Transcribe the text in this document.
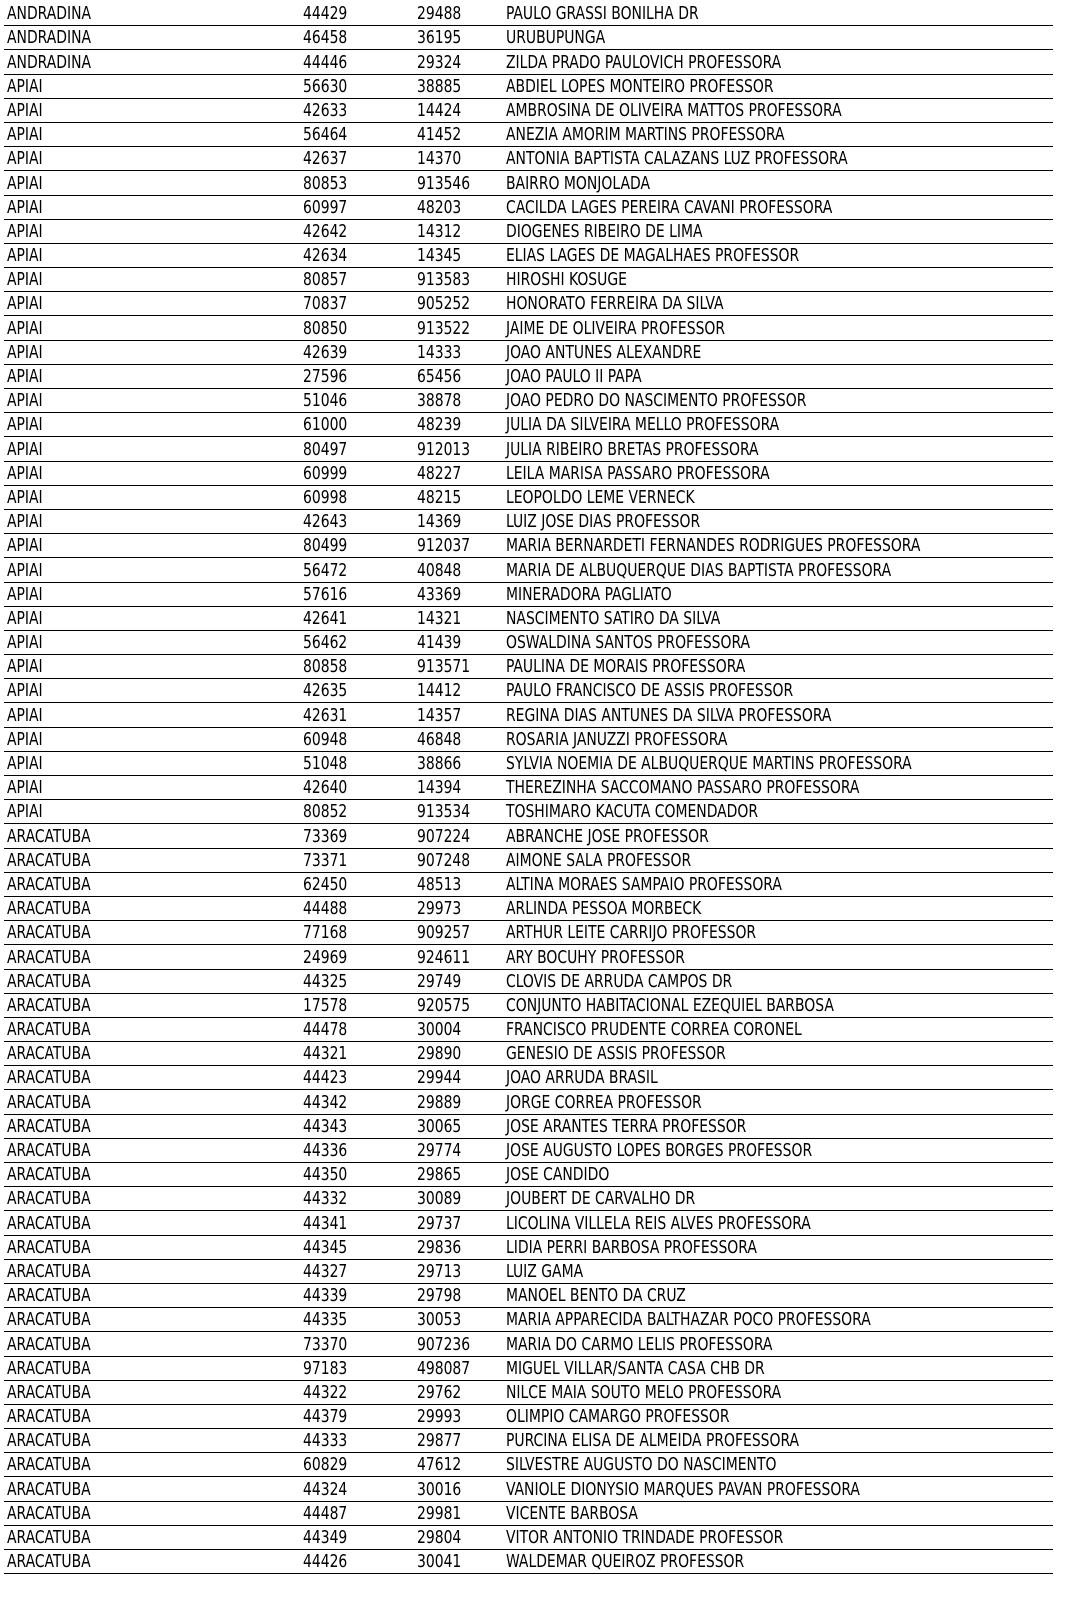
ANDRADINA	44429	29488	PAULO GRASSI BONILHA DR
ANDRADINA	46458	36195	URUBUPUNGA
ANDRADINA	44446	29324	ZILDA PRADO PAULOVICH PROFESSORA
APIAI	56630	38885	ABDIEL LOPES MONTEIRO PROFESSOR
APIAI	42633	14424	AMBROSINA DE OLIVEIRA MATTOS PROFESSORA
APIAI	56464	41452	ANEZIA AMORIM MARTINS PROFESSORA
APIAI	42637	14370	ANTONIA BAPTISTA CALAZANS LUZ PROFESSORA
APIAI	80853	913546	BAIRRO MONJOLADA
APIAI	60997	48203	CACILDA LAGES PEREIRA CAVANI PROFESSORA
APIAI	42642	14312	DIOGENES RIBEIRO DE LIMA
APIAI	42634	14345	ELIAS LAGES DE MAGALHAES PROFESSOR
APIAI	80857	913583	HIROSHI KOSUGE
APIAI	70837	905252	HONORATO FERREIRA DA SILVA
APIAI	80850	913522	JAIME DE OLIVEIRA PROFESSOR
APIAI	42639	14333	JOAO ANTUNES ALEXANDRE
APIAI	27596	65456	JOAO PAULO II PAPA
APIAI	51046	38878	JOAO PEDRO DO NASCIMENTO PROFESSOR
APIAI	61000	48239	JULIA DA SILVEIRA MELLO PROFESSORA
APIAI	80497	912013	JULIA RIBEIRO BRETAS PROFESSORA
APIAI	60999	48227	LEILA MARISA PASSARO PROFESSORA
APIAI	60998	48215	LEOPOLDO LEME VERNECK
APIAI	42643	14369	LUIZ JOSE DIAS PROFESSOR
APIAI	80499	912037	MARIA BERNARDETI FERNANDES RODRIGUES PROFESSORA
APIAI	56472	40848	MARIA DE ALBUQUERQUE DIAS BAPTISTA PROFESSORA
APIAI	57616	43369	MINERADORA PAGLIATO
APIAI	42641	14321	NASCIMENTO SATIRO DA SILVA
APIAI	56462	41439	OSWALDINA SANTOS PROFESSORA
APIAI	80858	913571	PAULINA DE MORAIS PROFESSORA
APIAI	42635	14412	PAULO FRANCISCO DE ASSIS PROFESSOR
APIAI	42631	14357	REGINA DIAS ANTUNES DA SILVA PROFESSORA
APIAI	60948	46848	ROSARIA JANUZZI PROFESSORA
APIAI	51048	38866	SYLVIA NOEMIA DE ALBUQUERQUE MARTINS PROFESSORA
APIAI	42640	14394	THEREZINHA SACCOMANO PASSARO PROFESSORA
APIAI	80852	913534	TOSHIMARO KACUTA COMENDADOR
ARACATUBA	73369	907224	ABRANCHE JOSE PROFESSOR
ARACATUBA	73371	907248	AIMONE SALA PROFESSOR
ARACATUBA	62450	48513	ALTINA MORAES SAMPAIO PROFESSORA
ARACATUBA	44488	29973	ARLINDA PESSOA MORBECK
ARACATUBA	77168	909257	ARTHUR LEITE CARRIJO PROFESSOR
ARACATUBA	24969	924611	ARY BOCUHY PROFESSOR
ARACATUBA	44325	29749	CLOVIS DE ARRUDA CAMPOS DR
ARACATUBA	17578	920575	CONJUNTO HABITACIONAL EZEQUIEL BARBOSA
ARACATUBA	44478	30004	FRANCISCO PRUDENTE CORREA CORONEL
ARACATUBA	44321	29890	GENESIO DE ASSIS PROFESSOR
ARACATUBA	44423	29944	JOAO ARRUDA BRASIL
ARACATUBA	44342	29889	JORGE CORREA PROFESSOR
ARACATUBA	44343	30065	JOSE ARANTES TERRA PROFESSOR
ARACATUBA	44336	29774	JOSE AUGUSTO LOPES BORGES PROFESSOR
ARACATUBA	44350	29865	JOSE CANDIDO
ARACATUBA	44332	30089	JOUBERT DE CARVALHO DR
ARACATUBA	44341	29737	LICOLINA VILLELA REIS ALVES PROFESSORA
ARACATUBA	44345	29836	LIDIA PERRI BARBOSA PROFESSORA
ARACATUBA	44327	29713	LUIZ GAMA
ARACATUBA	44339	29798	MANOEL BENTO DA CRUZ
ARACATUBA	44335	30053	MARIA APPARECIDA BALTHAZAR POCO PROFESSORA
ARACATUBA	73370	907236	MARIA DO CARMO LELIS PROFESSORA
ARACATUBA	97183	498087	MIGUEL VILLAR/SANTA CASA CHB DR
ARACATUBA	44322	29762	NILCE MAIA SOUTO MELO PROFESSORA
ARACATUBA	44379	29993	OLIMPIO CAMARGO PROFESSOR
ARACATUBA	44333	29877	PURCINA ELISA DE ALMEIDA PROFESSORA
ARACATUBA	60829	47612	SILVESTRE AUGUSTO DO NASCIMENTO
ARACATUBA	44324	30016	VANIOLE DIONYSIO MARQUES PAVAN PROFESSORA
ARACATUBA	44487	29981	VICENTE BARBOSA
ARACATUBA	44349	29804	VITOR ANTONIO TRINDADE PROFESSOR
ARACATUBA	44426	30041	WALDEMAR QUEIROZ PROFESSOR
